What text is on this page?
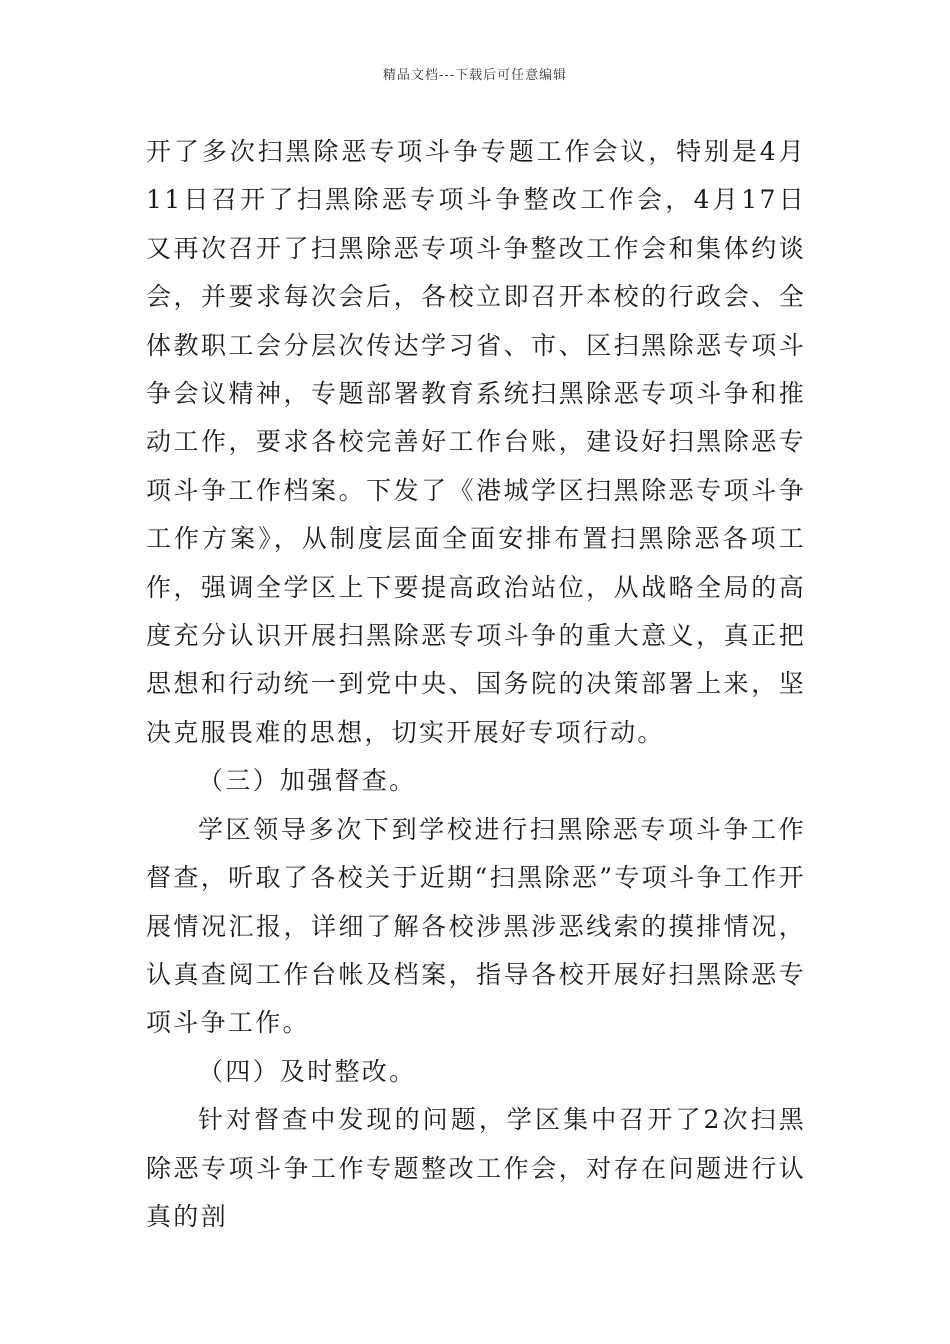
精品文档---下载后可任意编辑

开了多次扫黑除恶专项斗争专题工作会议，特别是4月11日召开了扫黑除恶专项斗争整改工作会，4月17日又再次召开了扫黑除恶专项斗争整改工作会和集体约谈会，并要求每次会后，各校立即召开本校的行政会、全体教职工会分层次传达学习省、市、区扫黑除恶专项斗争会议精神，专题部署教育系统扫黑除恶专项斗争和推动工作，要求各校完善好工作台账，建设好扫黑除恶专项斗争工作档案。下发了《港城学区扫黑除恶专项斗争工作方案》，从制度层面全面安排布置扫黑除恶各项工作，强调全学区上下要提高政治站位，从战略全局的高度充分认识开展扫黑除恶专项斗争的重大意义，真正把思想和行动统一到党中央、国务院的决策部署上来，坚决克服畏难的思想，切实开展好专项行动。

（三）加强督查。

学区领导多次下到学校进行扫黑除恶专项斗争工作督查，听取了各校关于近期“扫黑除恶”专项斗争工作开展情况汇报，详细了解各校涉黑涉恶线索的摸排情况，认真查阅工作台帐及档案，指导各校开展好扫黑除恶专项斗争工作。

（四）及时整改。

针对督查中发现的问题，学区集中召开了2次扫黑除恶专项斗争工作专题整改工作会，对存在问题进行认真的剖
